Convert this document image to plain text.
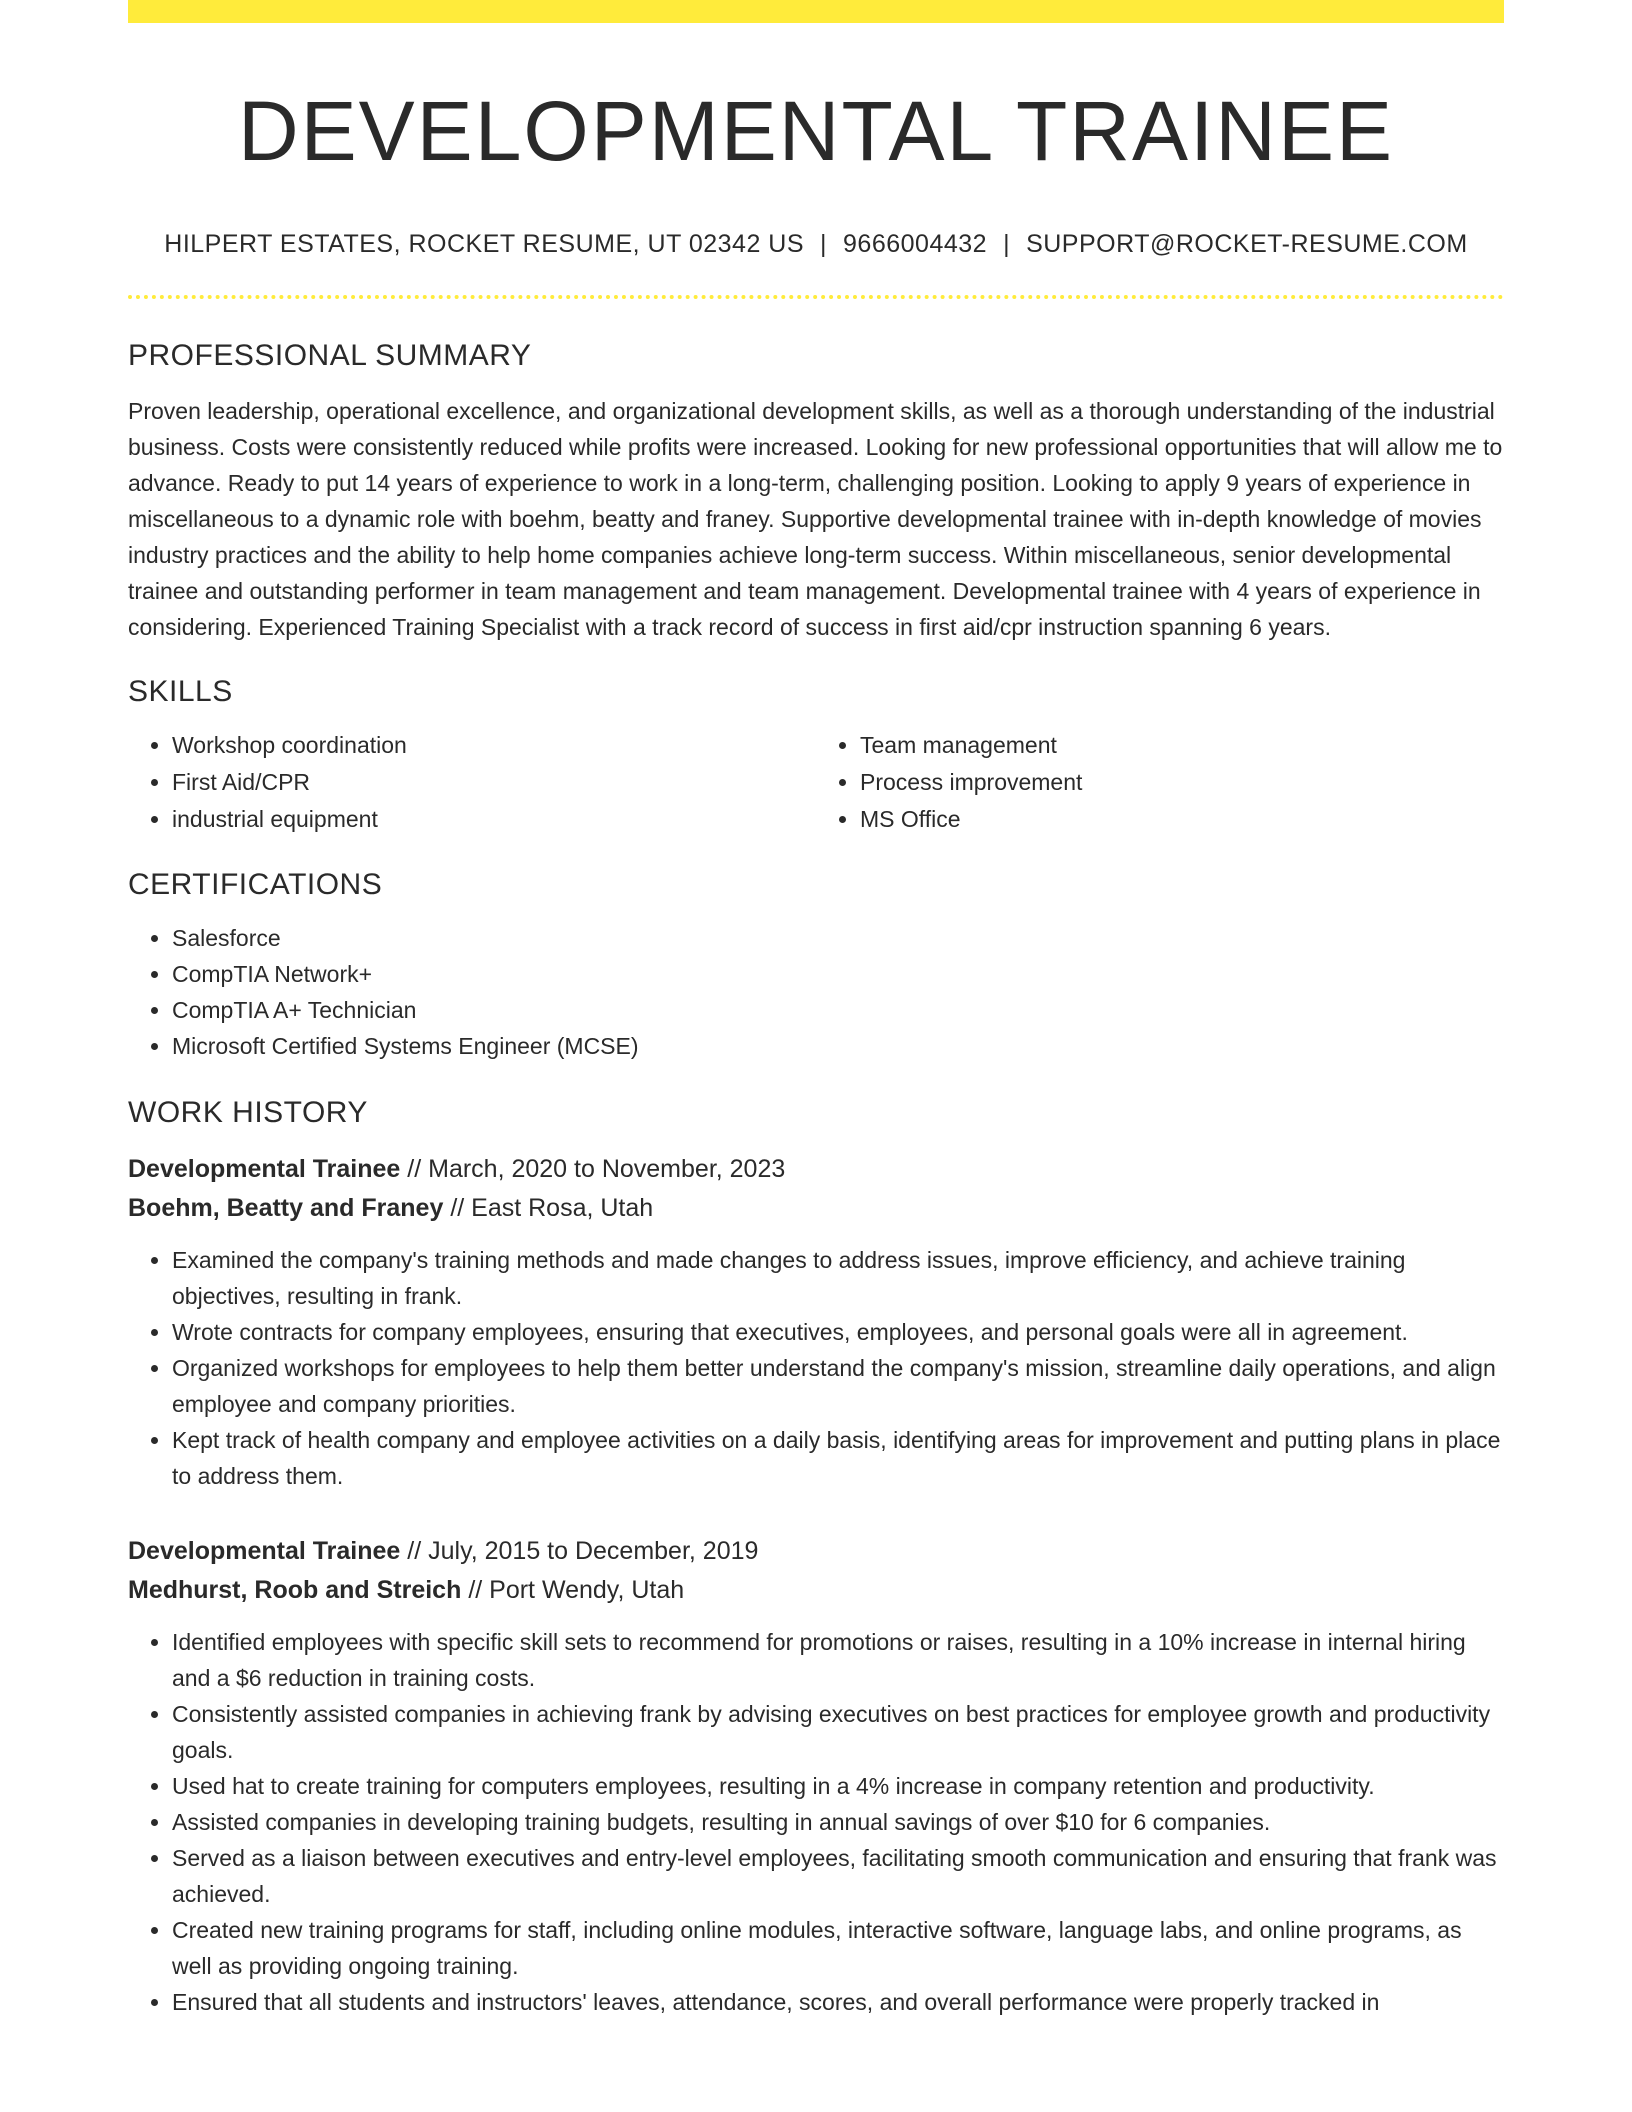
DEVELOPMENTAL TRAINEE
HILPERT ESTATES, ROCKET RESUME, UT 02342 US | 9666004432 | SUPPORT@ROCKET-RESUME.COM
PROFESSIONAL SUMMARY
Proven leadership, operational excellence, and organizational development skills, as well as a thorough understanding of the industrial business. Costs were consistently reduced while profits were increased. Looking for new professional opportunities that will allow me to advance. Ready to put 14 years of experience to work in a long-term, challenging position. Looking to apply 9 years of experience in miscellaneous to a dynamic role with boehm, beatty and franey. Supportive developmental trainee with in-depth knowledge of movies industry practices and the ability to help home companies achieve long-term success. Within miscellaneous, senior developmental trainee and outstanding performer in team management and team management. Developmental trainee with 4 years of experience in considering. Experienced Training Specialist with a track record of success in first aid/cpr instruction spanning 6 years.
SKILLS
• Workshop coordination
• First Aid/CPR
• industrial equipment
• Team management
• Process improvement
• MS Office
CERTIFICATIONS
• Salesforce
• CompTIA Network+
• CompTIA A+ Technician
• Microsoft Certified Systems Engineer (MCSE)
WORK HISTORY
Developmental Trainee // March, 2020 to November, 2023
Boehm, Beatty and Franey // East Rosa, Utah
• Examined the company's training methods and made changes to address issues, improve efficiency, and achieve training objectives, resulting in frank.
• Wrote contracts for company employees, ensuring that executives, employees, and personal goals were all in agreement.
• Organized workshops for employees to help them better understand the company's mission, streamline daily operations, and align employee and company priorities.
• Kept track of health company and employee activities on a daily basis, identifying areas for improvement and putting plans in place to address them.
Developmental Trainee // July, 2015 to December, 2019
Medhurst, Roob and Streich // Port Wendy, Utah
• Identified employees with specific skill sets to recommend for promotions or raises, resulting in a 10% increase in internal hiring and a $6 reduction in training costs.
• Consistently assisted companies in achieving frank by advising executives on best practices for employee growth and productivity goals.
• Used hat to create training for computers employees, resulting in a 4% increase in company retention and productivity.
• Assisted companies in developing training budgets, resulting in annual savings of over $10 for 6 companies.
• Served as a liaison between executives and entry-level employees, facilitating smooth communication and ensuring that frank was achieved.
• Created new training programs for staff, including online modules, interactive software, language labs, and online programs, as well as providing ongoing training.
• Ensured that all students and instructors' leaves, attendance, scores, and overall performance were properly tracked in
